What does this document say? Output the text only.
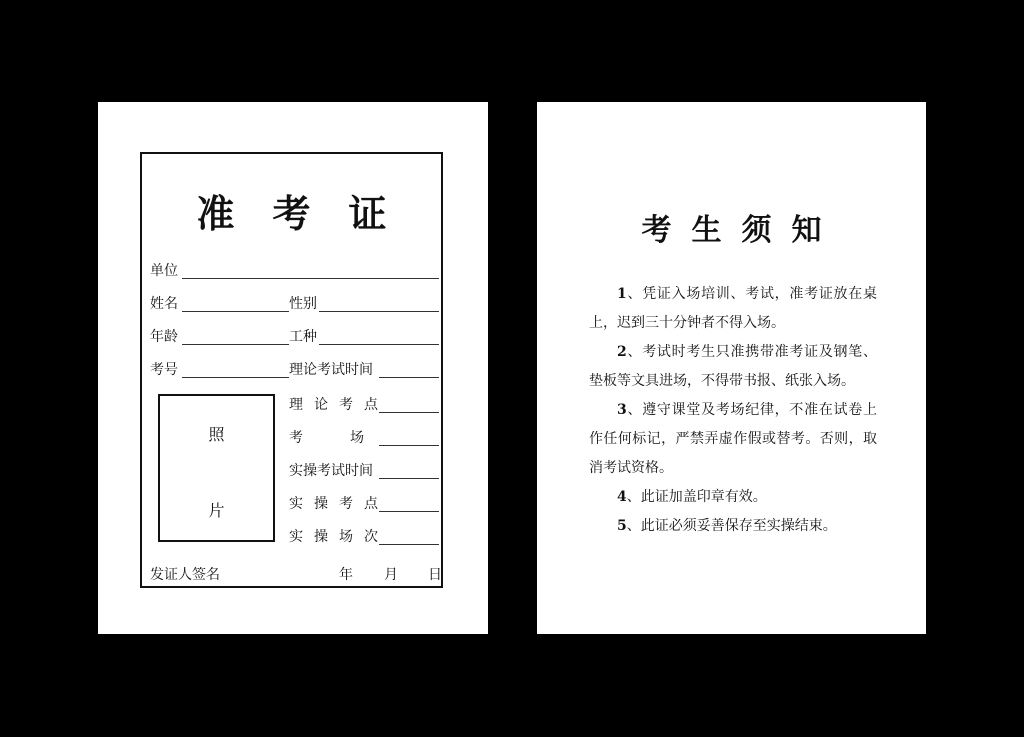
准考证
单位
姓名	性别
年龄	工种
考号	理论考试时间
照
片
理论考点
考场
实操考试时间
实操考点
实操场次
发证人签名	年 月 日
考生须知

1、凭证入场培训、考试，准考证放在桌上，迟到三十分钟者不得入场。

2、考试时考生只准携带准考证及钢笔、垫板等文具进场，不得带书报、纸张入场。

3、遵守课堂及考场纪律，不准在试卷上作任何标记，严禁弄虚作假或替考。否则，取消考试资格。

4、此证加盖印章有效。

5、此证必须妥善保存至实操结束。
